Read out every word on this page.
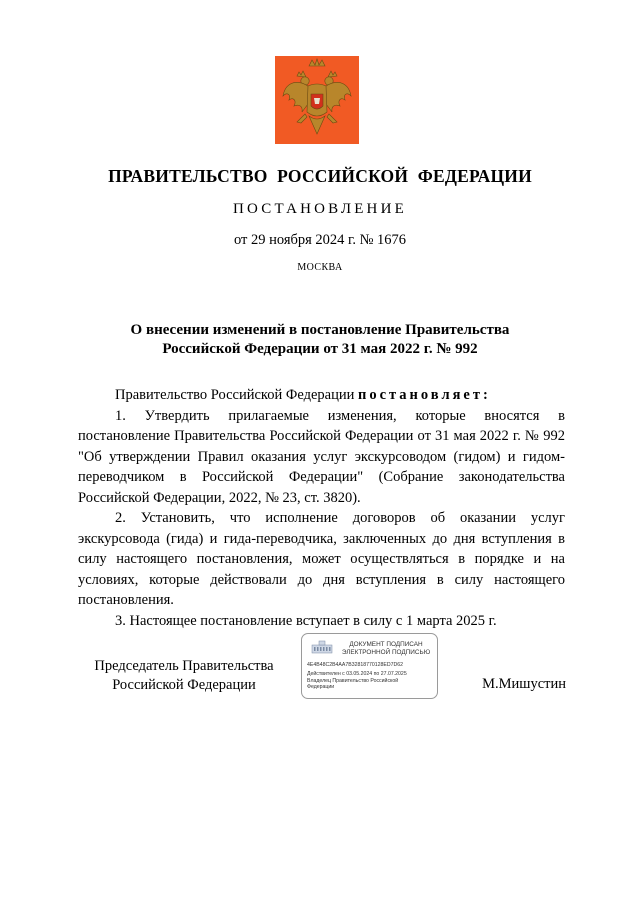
ПРАВИТЕЛЬСТВО РОССИЙСКОЙ ФЕДЕРАЦИИ
ПОСТАНОВЛЕНИЕ
от 29 ноября 2024 г. № 1676
МОСКВА
О внесении изменений в постановление Правительства
Российской Федерации от 31 мая 2022 г. № 992

Правительство Российской Федерации постановляет:

1. Утвердить прилагаемые изменения, которые вносятся в постановление Правительства Российской Федерации от 31 мая 2022 г. № 992 "Об утверждении Правил оказания услуг экскурсоводом (гидом) и гидом-переводчиком в Российской Федерации" (Собрание законодательства Российской Федерации, 2022, № 23, ст. 3820).

2. Установить, что исполнение договоров об оказании услуг экскурсовода (гида) и гида-переводчика, заключенных до дня вступления в силу настоящего постановления, может осуществляться в порядке и на условиях, которые действовали до дня вступления в силу настоящего постановления.

3. Настоящее постановление вступает в силу с 1 марта 2025 г.

Председатель Правительства
Российской Федерации
ДОКУМЕНТ ПОДПИСАН
ЭЛЕКТРОННОЙ ПОДПИСЬЮ
4E4B48C2B4AA7B32818770128ED7D62
Действителен с 03.05.2024 по 27.07.2025
Владелец Правительство Российской
Федерации	М.Мишустин
